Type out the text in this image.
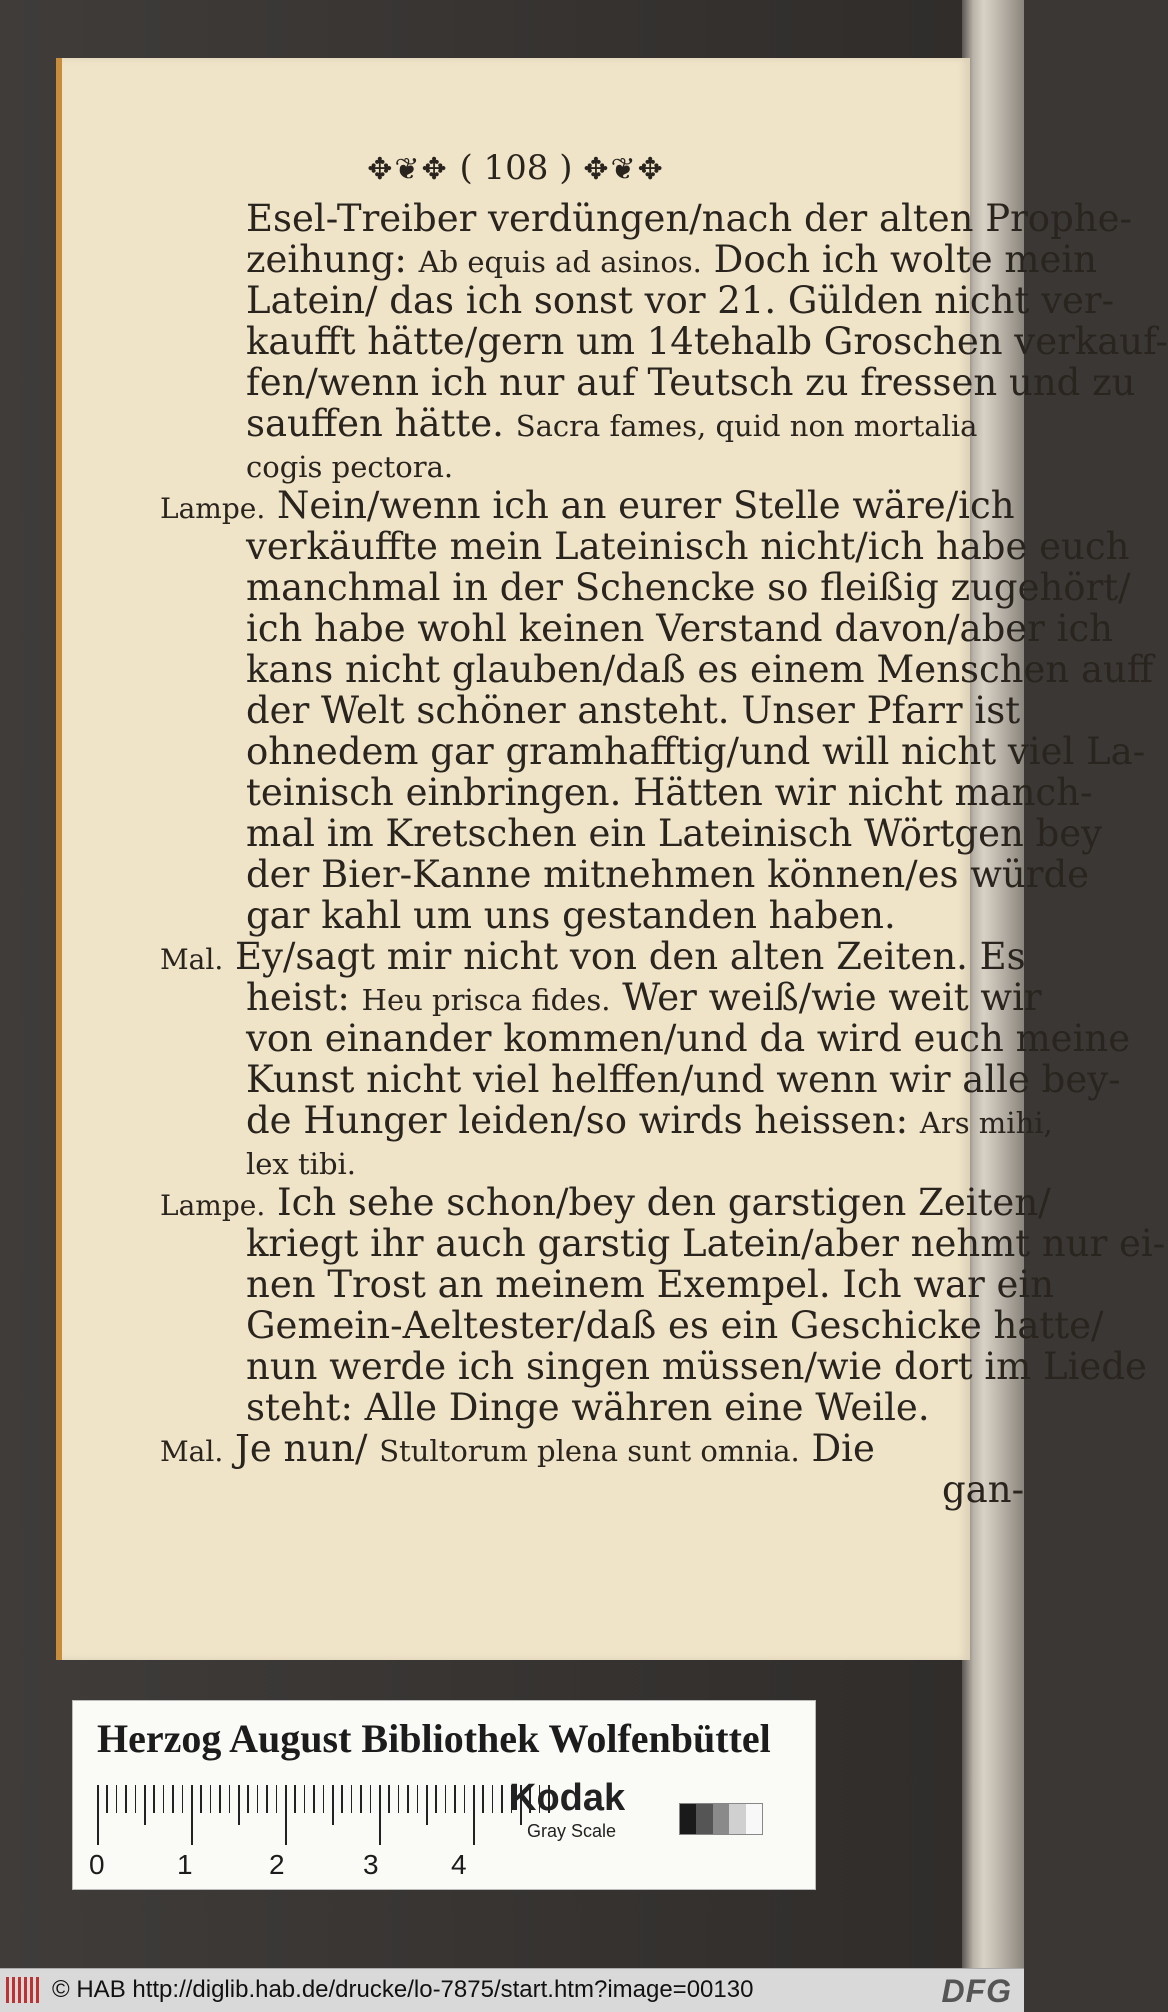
✥❦✥ ( 108 ) ✥❦✥
Esel-Treiber verdüngen/nach der alten Prophe-
zeihung: Ab equis ad asinos. Doch ich wolte mein
Latein/ das ich sonst vor 21. Gülden nicht ver-
kaufft hätte/gern um 14tehalb Groschen verkauf-
fen/wenn ich nur auf Teutsch zu fressen und zu
sauffen hätte. Sacra fames, quid non mortalia
cogis pectora.
Lampe. Nein/wenn ich an eurer Stelle wäre/ich
verkäuffte mein Lateinisch nicht/ich habe euch
manchmal in der Schencke so fleißig zugehört/
ich habe wohl keinen Verstand davon/aber ich
kans nicht glauben/daß es einem Menschen auff
der Welt schöner ansteht. Unser Pfarr ist
ohnedem gar gramhafftig/und will nicht viel La-
teinisch einbringen. Hätten wir nicht manch-
mal im Kretschen ein Lateinisch Wörtgen bey
der Bier-Kanne mitnehmen können/es würde
gar kahl um uns gestanden haben.
Mal. Ey/sagt mir nicht von den alten Zeiten. Es
heist: Heu prisca fides. Wer weiß/wie weit wir
von einander kommen/und da wird euch meine
Kunst nicht viel helffen/und wenn wir alle bey-
de Hunger leiden/so wirds heissen: Ars mihi,
lex tibi.
Lampe. Ich sehe schon/bey den garstigen Zeiten/
kriegt ihr auch garstig Latein/aber nehmt nur ei-
nen Trost an meinem Exempel. Ich war ein
Gemein-Aeltester/daß es ein Geschicke hatte/
nun werde ich singen müssen/wie dort im Liede
steht: Alle Dinge währen eine Weile.
Mal. Je nun/ Stultorum plena sunt omnia. Die
gan-
Herzog August Bibliothek Wolfenbüttel
0	1	2	3	4
Kodak
Gray Scale
© HAB http://diglib.hab.de/drucke/lo-7875/start.htm?image=00130	DFG
